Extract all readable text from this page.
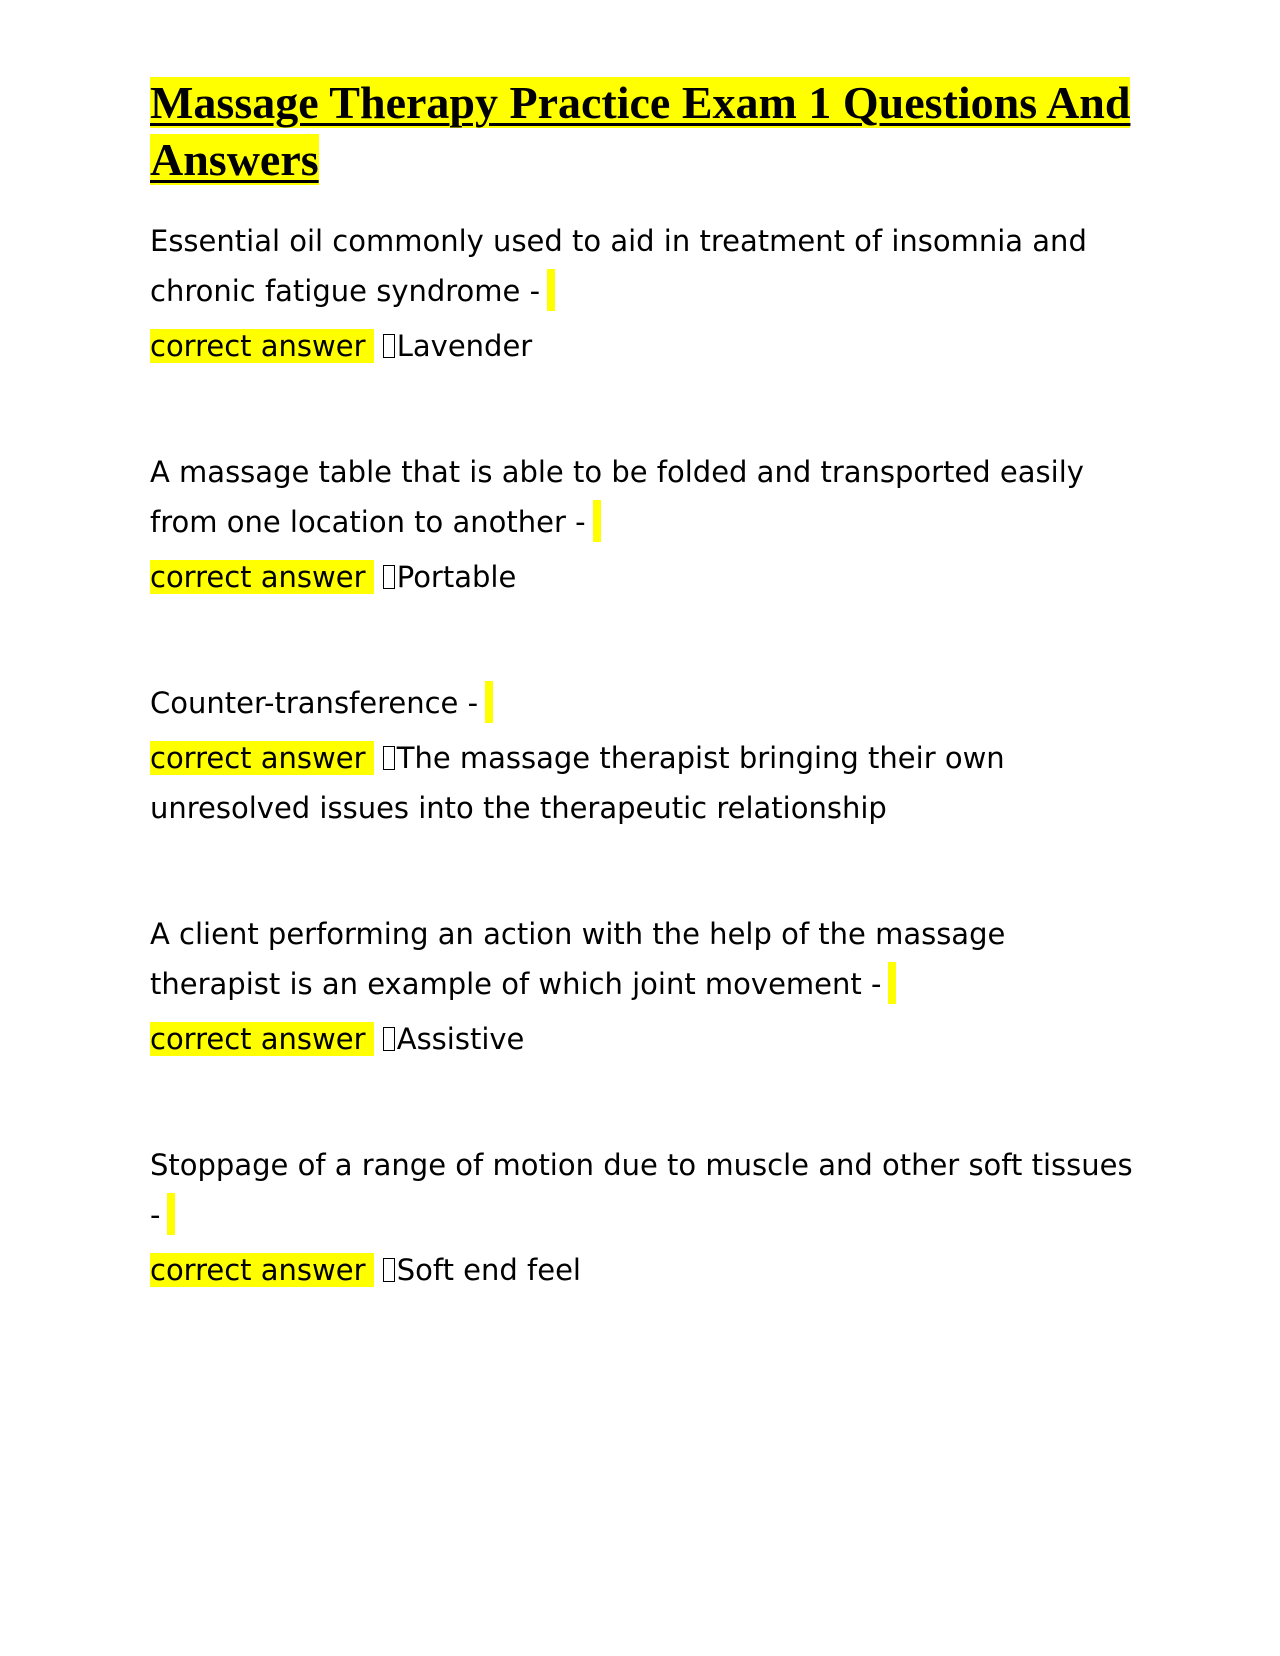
Massage Therapy Practice Exam 1 Questions And Answers

Essential oil commonly used to aid in treatment of insomnia and chronic fatigue syndrome -

correct answer Lavender

A massage table that is able to be folded and transported easily from one location to another -

correct answer Portable

Counter-transference -

correct answer The massage therapist bringing their own unresolved issues into the therapeutic relationship

A client performing an action with the help of the massage therapist is an example of which joint movement -

correct answer Assistive

Stoppage of a range of motion due to muscle and other soft tissues -

correct answer Soft end feel
